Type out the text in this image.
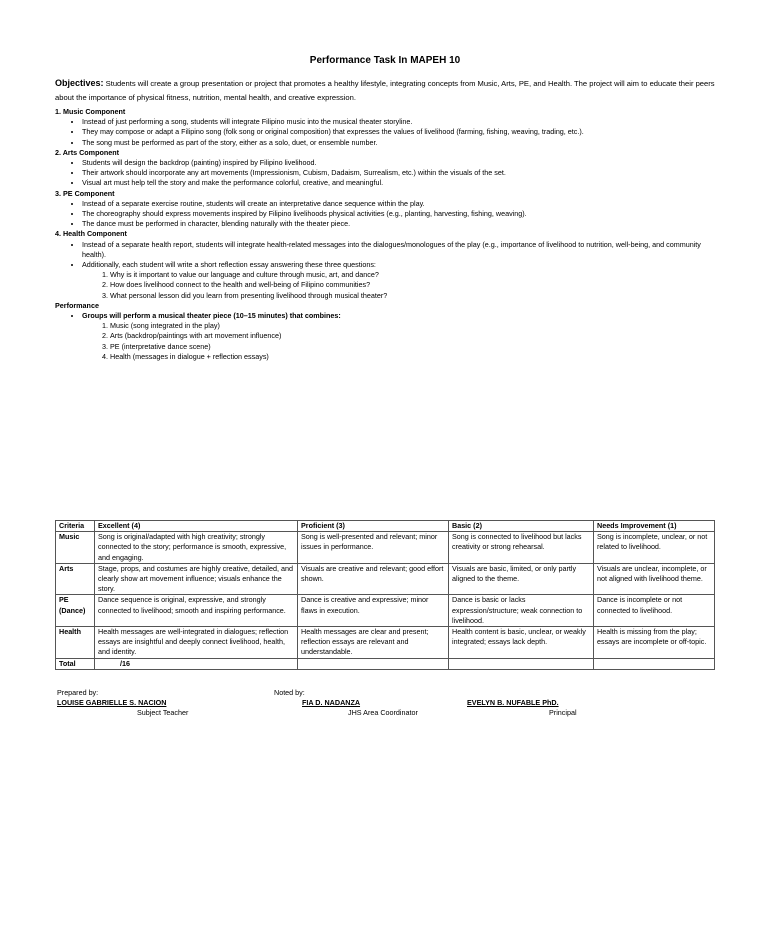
Performance Task In MAPEH 10
Objectives: Students will create a group presentation or project that promotes a healthy lifestyle, integrating concepts from Music, Arts, PE, and Health. The project will aim to educate their peers about the importance of physical fitness, nutrition, mental health, and creative expression.
1. Music Component
• Instead of just performing a song, students will integrate Filipino music into the musical theater storyline.
• They may compose or adapt a Filipino song (folk song or original composition) that expresses the values of livelihood (farming, fishing, weaving, trading, etc.).
• The song must be performed as part of the story, either as a solo, duet, or ensemble number.
2. Arts Component
• Students will design the backdrop (painting) inspired by Filipino livelihood.
• Their artwork should incorporate any art movements (Impressionism, Cubism, Dadaism, Surrealism, etc.) within the visuals of the set.
• Visual art must help tell the story and make the performance colorful, creative, and meaningful.
3. PE Component
• Instead of a separate exercise routine, students will create an interpretative dance sequence within the play.
• The choreography should express movements inspired by Filipino livelihoods physical activities (e.g., planting, harvesting, fishing, weaving).
• The dance must be performed in character, blending naturally with the theater piece.
4. Health Component
• Instead of a separate health report, students will integrate health-related messages into the dialogues/monologues of the play (e.g., importance of livelihood to nutrition, well-being, and community health).
• Additionally, each student will write a short reflection essay answering these three questions:
1. Why is it important to value our language and culture through music, art, and dance?
2. How does livelihood connect to the health and well-being of Filipino communities?
3. What personal lesson did you learn from presenting livelihood through musical theater?
Performance
• Groups will perform a musical theater piece (10–15 minutes) that combines:
1. Music (song integrated in the play)
2. Arts (backdrop/paintings with art movement influence)
3. PE (interpretative dance scene)
4. Health (messages in dialogue + reflection essays)
Criteria	Excellent (4)	Proficient (3)	Basic (2)	Needs Improvement (1)
Music	Song is original/adapted with high creativity; strongly connected to the story; performance is smooth, expressive, and engaging.	Song is well-presented and relevant; minor issues in performance.	Song is connected to livelihood but lacks creativity or strong rehearsal.	Song is incomplete, unclear, or not related to livelihood.
Arts	Stage, props, and costumes are highly creative, detailed, and clearly show art movement influence; visuals enhance the story.	Visuals are creative and relevant; good effort shown.	Visuals are basic, limited, or only partly aligned to the theme.	Visuals are unclear, incomplete, or not aligned with livelihood theme.
PE (Dance)	Dance sequence is original, expressive, and strongly connected to livelihood; smooth and inspiring performance.	Dance is creative and expressive; minor flaws in execution.	Dance is basic or lacks expression/structure; weak connection to livelihood.	Dance is incomplete or not connected to livelihood.
Health	Health messages are well-integrated in dialogues; reflection essays are insightful and deeply connect livelihood, health, and identity.	Health messages are clear and present; reflection essays are relevant and understandable.	Health content is basic, unclear, or weakly integrated; essays lack depth.	Health is missing from the play; essays are incomplete or off-topic.
Total	/16			
Prepared by:
LOUISE GABRIELLE S. NACION
Subject Teacher
Noted by:
FIA D. NADANZA
JHS Area Coordinator
EVELYN B. NUFABLE PhD.
Principal
